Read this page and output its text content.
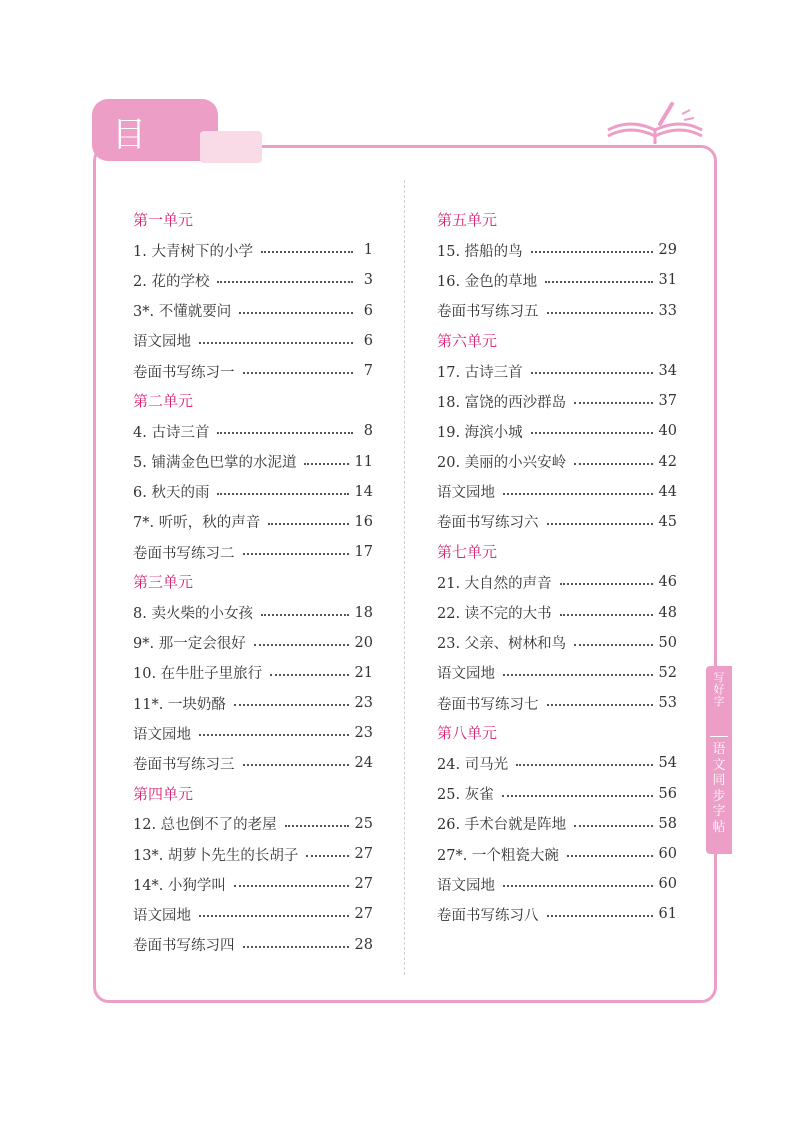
目 录
第一单元
1. 大青树下的小学	1
2. 花的学校	3
3*. 不懂就要问	6
语文园地	6
卷面书写练习一	7
第二单元
4. 古诗三首	8
5. 铺满金色巴掌的水泥道	11
6. 秋天的雨	14
7*. 听听，秋的声音	16
卷面书写练习二	17
第三单元
8. 卖火柴的小女孩	18
9*. 那一定会很好	20
10. 在牛肚子里旅行	21
11*. 一块奶酪	23
语文园地	23
卷面书写练习三	24
第四单元
12. 总也倒不了的老屋	25
13*. 胡萝卜先生的长胡子	27
14*. 小狗学叫	27
语文园地	27
卷面书写练习四	28
第五单元
15. 搭船的鸟	29
16. 金色的草地	31
卷面书写练习五	33
第六单元
17. 古诗三首	34
18. 富饶的西沙群岛	37
19. 海滨小城	40
20. 美丽的小兴安岭	42
语文园地	44
卷面书写练习六	45
第七单元
21. 大自然的声音	46
22. 读不完的大书	48
23. 父亲、树林和鸟	50
语文园地	52
卷面书写练习七	53
第八单元
24. 司马光	54
25. 灰雀	56
26. 手术台就是阵地	58
27*. 一个粗瓷大碗	60
语文园地	60
卷面书写练习八	61
写
好
字
语
文
同
步
字
帖
